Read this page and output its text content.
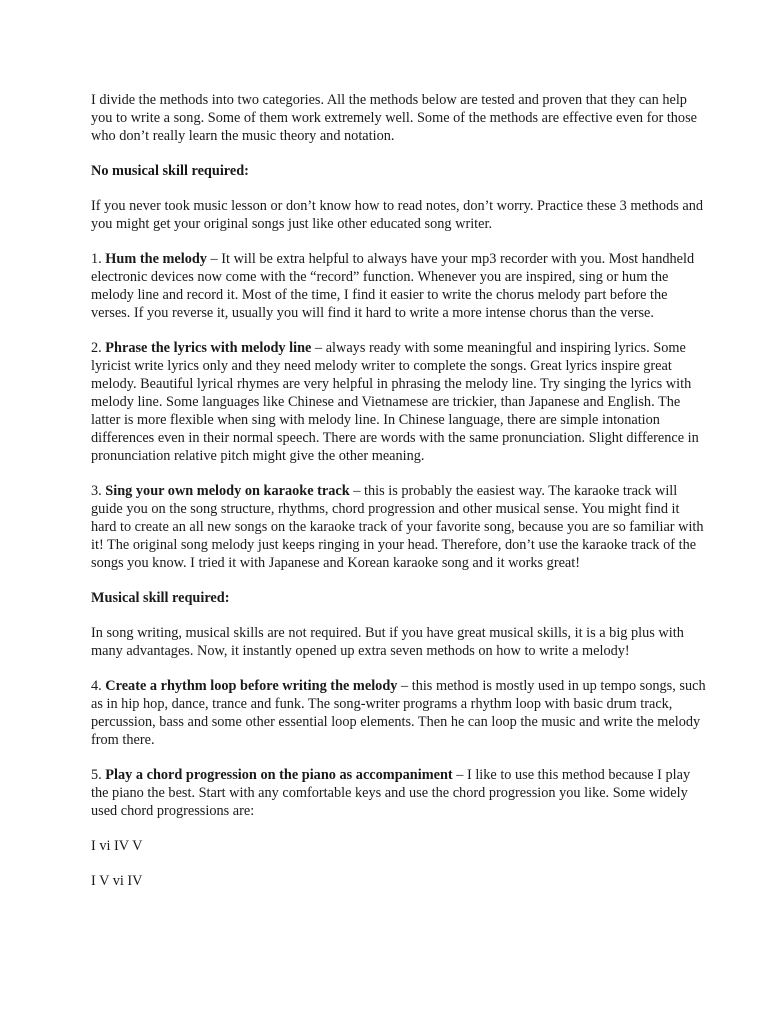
I divide the methods into two categories. All the methods below are tested and proven that they can help you to write a song. Some of them work extremely well. Some of the methods are effective even for those who don’t really learn the music theory and notation.

No musical skill required:

If you never took music lesson or don’t know how to read notes, don’t worry. Practice these 3 methods and you might get your original songs just like other educated song writer.

1. Hum the melody – It will be extra helpful to always have your mp3 recorder with you. Most handheld electronic devices now come with the “record” function. Whenever you are inspired, sing or hum the melody line and record it. Most of the time, I find it easier to write the chorus melody part before the verses. If you reverse it, usually you will find it hard to write a more intense chorus than the verse.

2. Phrase the lyrics with melody line – always ready with some meaningful and inspiring lyrics. Some lyricist write lyrics only and they need melody writer to complete the songs. Great lyrics inspire great melody. Beautiful lyrical rhymes are very helpful in phrasing the melody line. Try singing the lyrics with melody line. Some languages like Chinese and Vietnamese are trickier, than Japanese and English. The latter is more flexible when sing with melody line. In Chinese language, there are simple intonation differences even in their normal speech. There are words with the same pronunciation. Slight difference in pronunciation relative pitch might give the other meaning.

3. Sing your own melody on karaoke track – this is probably the easiest way. The karaoke track will guide you on the song structure, rhythms, chord progression and other musical sense. You might find it hard to create an all new songs on the karaoke track of your favorite song, because you are so familiar with it! The original song melody just keeps ringing in your head. Therefore, don’t use the karaoke track of the songs you know. I tried it with Japanese and Korean karaoke song and it works great!

Musical skill required:

In song writing, musical skills are not required. But if you have great musical skills, it is a big plus with many advantages. Now, it instantly opened up extra seven methods on how to write a melody!

4. Create a rhythm loop before writing the melody – this method is mostly used in up tempo songs, such as in hip hop, dance, trance and funk. The song-writer programs a rhythm loop with basic drum track, percussion, bass and some other essential loop elements. Then he can loop the music and write the melody from there.

5. Play a chord progression on the piano as accompaniment – I like to use this method because I play the piano the best. Start with any comfortable keys and use the chord progression you like. Some widely used chord progressions are:

I vi IV V

I V vi IV
